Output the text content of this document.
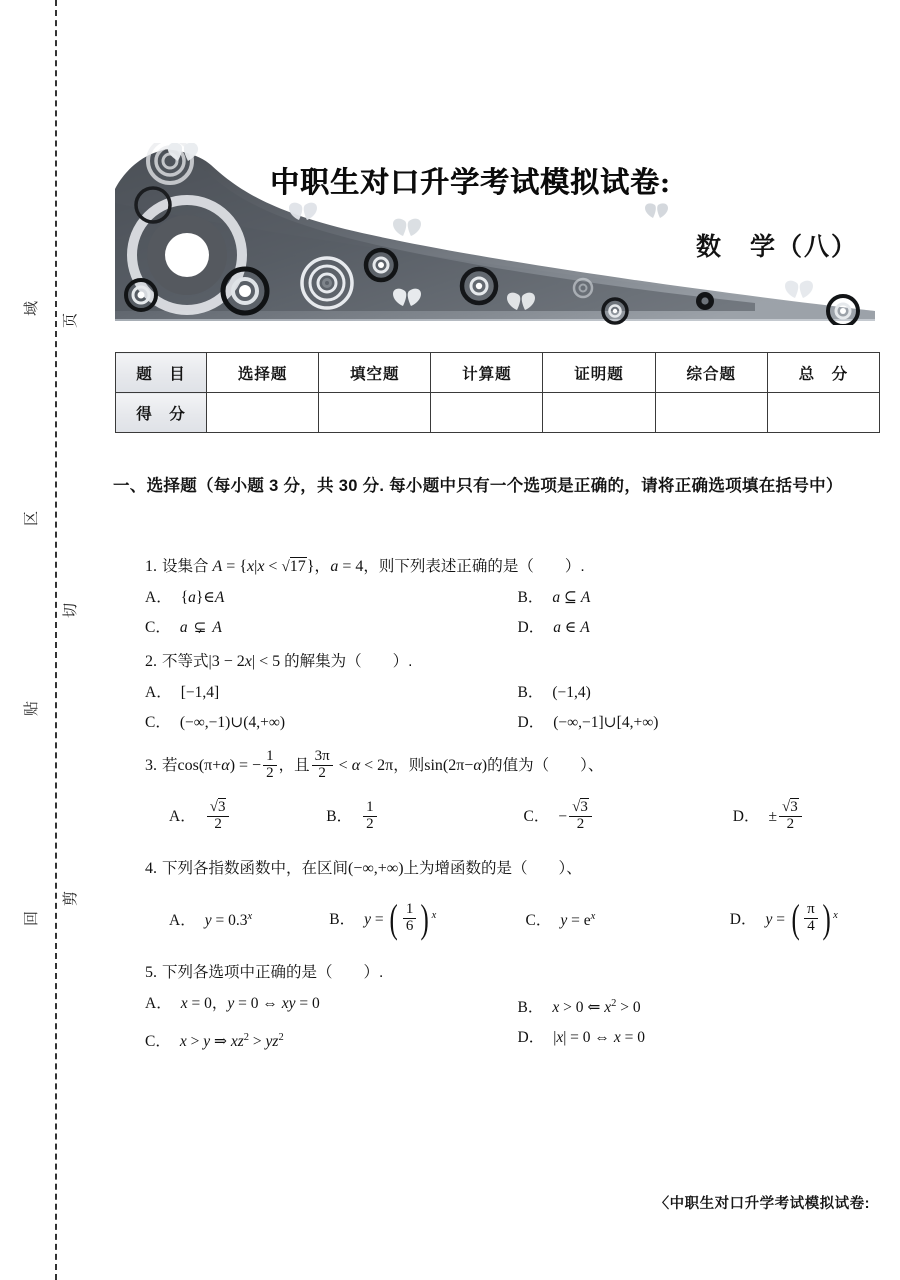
域
区
贴
回
页
切
剪
中职生对口升学考试模拟试卷:
数　学（八）
题　目	选择题	填空题	计算题	证明题	综合题	总　分
得　分						
一、选择题（每小题 3 分，共 30 分. 每小题中只有一个选项是正确的，请将正确选项填在括号中）
1. 设集合 A = {x|x < √17}，a = 4，则下列表述正确的是（　　）.
A． {a}∈A	B． a ⊆ A
C． a ⊊ A	D． a ∈ A
2. 不等式|3 − 2x| < 5 的解集为（　　）.
A． [−1,4]	B． (−1,4)
C． (−∞,−1)∪(4,+∞)	D． (−∞,−1]∪[4,+∞)
3. 若cos(π+α) = − $\frac{1}{2}$ ，且 $\frac{3\pi}{2} < \alpha < 2\pi$，则sin(2π−α)的值为（　　）、
A． $\frac{√3}{2}$	B． $\frac{1}{2}$	C． − $\frac{√3}{2}$	D． ± $\frac{√3}{2}$
4. 下列各指数函数中，在区间(−∞,+∞)上为增函数的是（　　）、
A． $y = 0.3^x$	B． y = ( $\frac{1}{6}$ ) $^x$	C． $y = e^x$	D． y = ( $\frac{\pi}{4}$ ) $^x$
5. 下列各选项中正确的是（　　）.
A． x = 0，y = 0 ⇔ xy = 0	B． x > 0 ⇐ $x^2 > 0$
C． x > y ⇒ $xz^2 > yz^2$	D． |x| = 0 ⇔ x = 0
〈中职生对口升学考试模拟试卷:
